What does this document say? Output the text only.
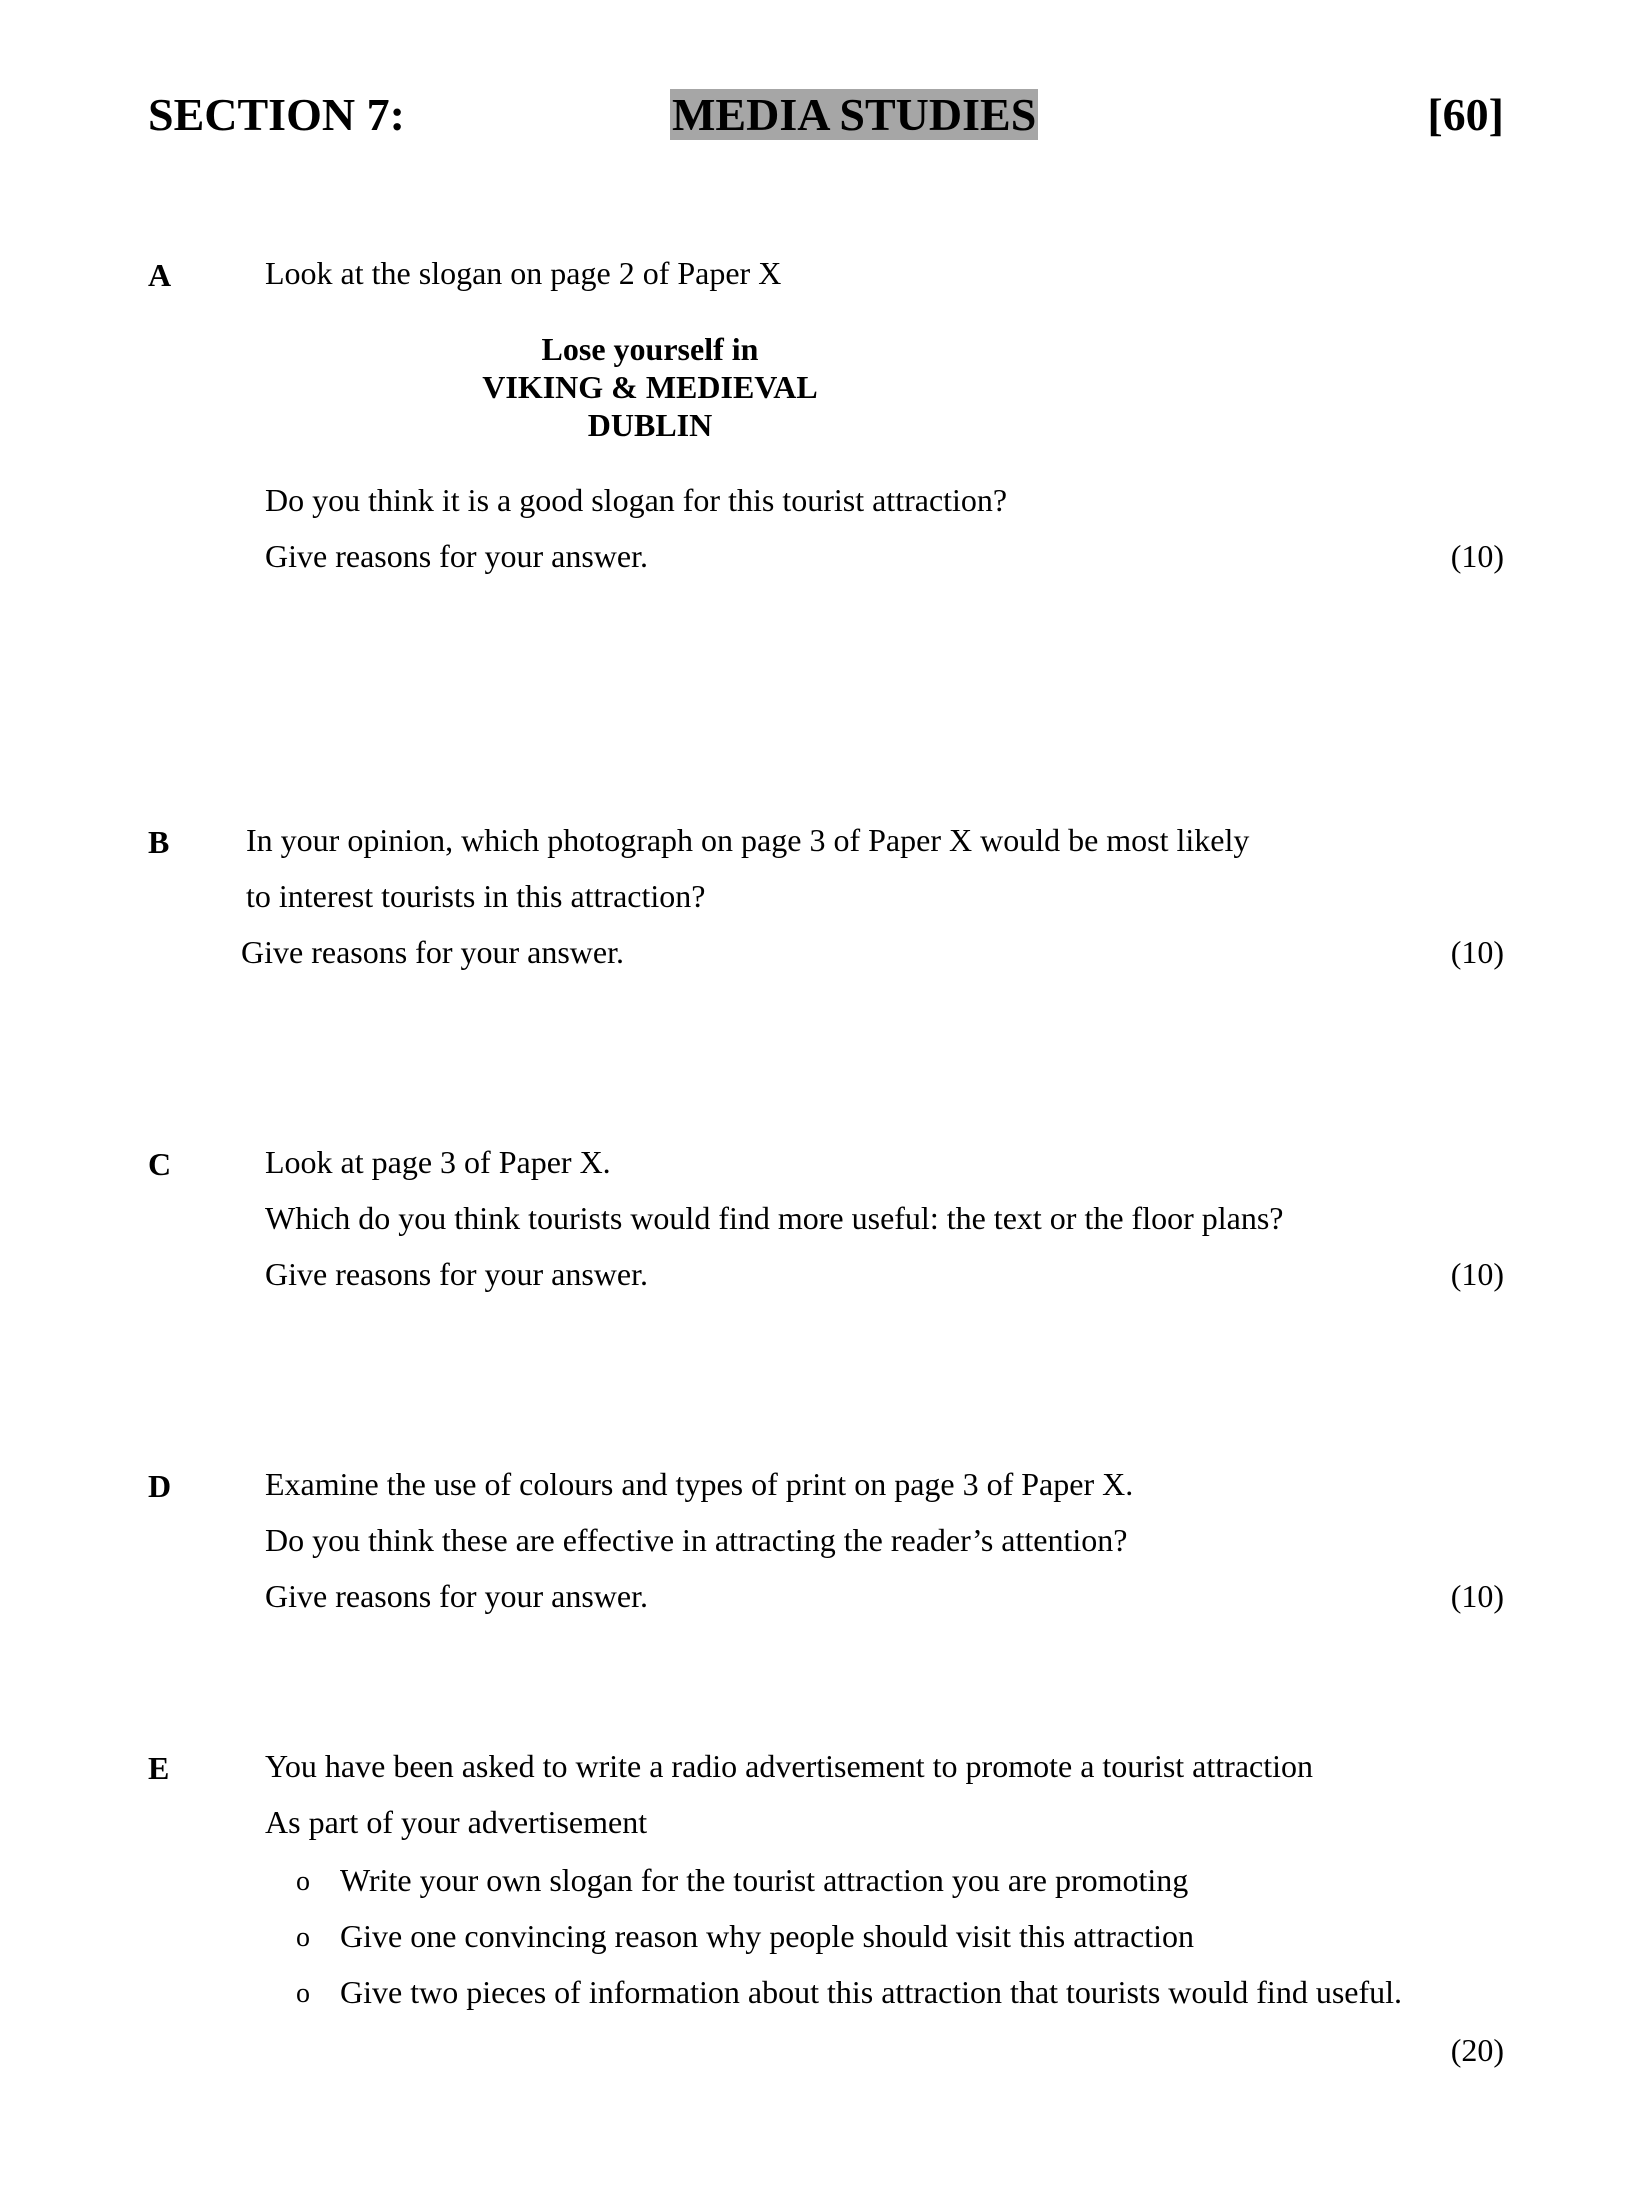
SECTION 7:	MEDIA STUDIES	[60]
A	Look at the slogan on page 2 of Paper X
Lose yourself in
VIKING & MEDIEVAL
DUBLIN
Do you think it is a good slogan for this tourist attraction?
Give reasons for your answer.	(10)
B In your opinion, which photograph on page 3 of Paper X would be most likely
to interest tourists in this attraction?
Give reasons for your answer.	(10)
C	Look at page 3 of Paper X.
Which do you think tourists would find more useful: the text or the floor plans?
Give reasons for your answer.	(10)
D	Examine the use of colours and types of print on page 3 of Paper X.
Do you think these are effective in attracting the reader’s attention?
Give reasons for your answer.	(10)
E	You have been asked to write a radio advertisement to promote a tourist attraction
As part of your advertisement
o Write your own slogan for the tourist attraction you are promoting
o Give one convincing reason why people should visit this attraction
o Give two pieces of information about this attraction that tourists would find useful.
(20)
